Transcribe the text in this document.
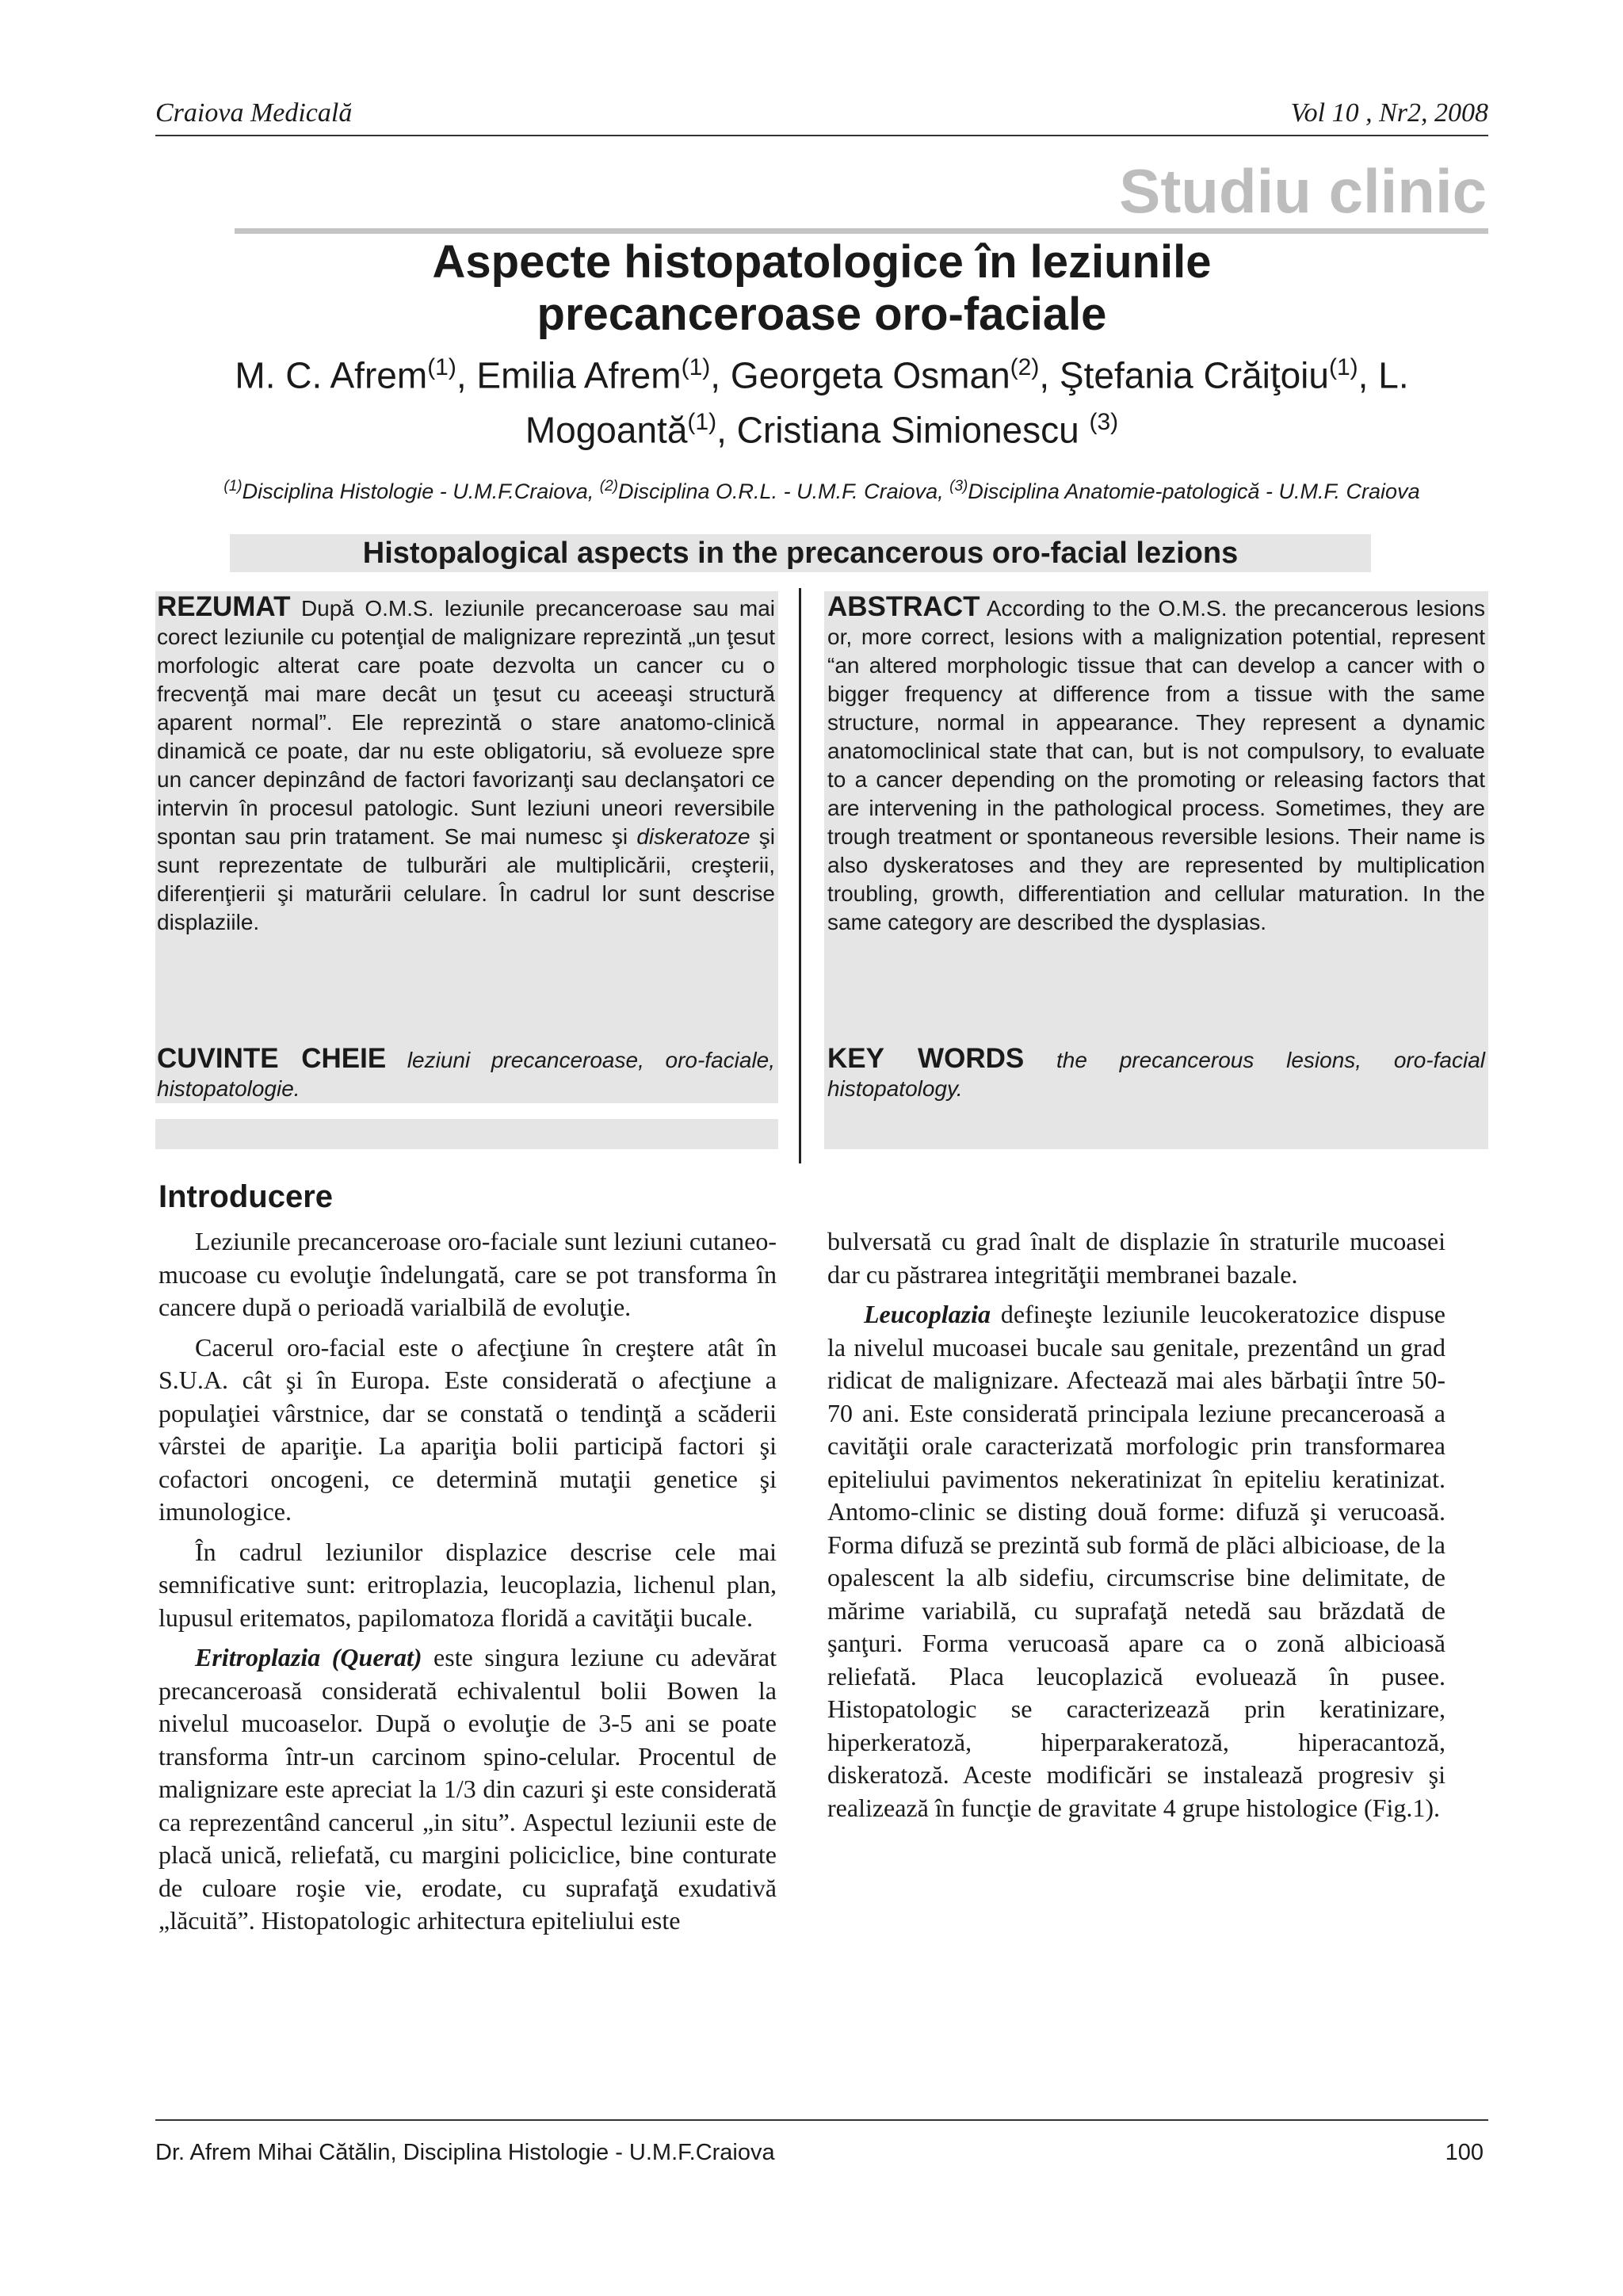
Craiova Medicală	Vol 10 , Nr2, 2008
Studiu clinic
Aspecte histopatologice în leziunile
precanceroase oro-faciale
M. C. Afrem$^{(1)}$, Emilia Afrem$^{(1)}$, Georgeta Osman$^{(2)}$, Ştefania Crăiţoiu$^{(1)}$, L. Mogoantă$^{(1)}$, Cristiana Simionescu $^{(3)}$
$^{(1)}$Disciplina Histologie - U.M.F.Craiova, $^{(2)}$Disciplina O.R.L. - U.M.F. Craiova, $^{(3)}$Disciplina Anatomie-patologică - U.M.F. Craiova
Histopalogical aspects in the precancerous oro-facial lezions
REZUMAT După O.M.S. leziunile precanceroase sau mai corect leziunile cu potenţial de malignizare reprezintă „un ţesut morfologic alterat care poate dezvolta un cancer cu o frecvenţă mai mare decât un ţesut cu aceeaşi structură aparent normal”. Ele reprezintă o stare anatomo-clinică dinamică ce poate, dar nu este obligatoriu, să evolueze spre un cancer depinzând de factori favorizanţi sau declanşatori ce intervin în procesul patologic. Sunt leziuni uneori reversibile spontan sau prin tratament. Se mai numesc şi diskeratoze şi sunt reprezentate de tulburări ale multiplicării, creşterii, diferenţierii şi maturării celulare. În cadrul lor sunt descrise displaziile.
ABSTRACT According to the O.M.S. the precancerous lesions or, more correct, lesions with a malignization potential, represent “an altered morphologic tissue that can develop a cancer with o bigger frequency at difference from a tissue with the same structure, normal in appearance. They represent a dynamic anatomoclinical state that can, but is not compulsory, to evaluate to a cancer depending on the promoting or releasing factors that are intervening in the pathological process. Sometimes, they are trough treatment or spontaneous reversible lesions. Their name is also dyskeratoses and they are represented by multiplication troubling, growth, differentiation and cellular maturation. In the same category are described the dysplasias.
CUVINTE CHEIE leziuni precanceroase, oro-faciale, histopatologie.
KEY WORDS the precancerous lesions, oro-facial histopatology.
Introducere

Leziunile precanceroase oro-faciale sunt leziuni cutaneo-mucoase cu evoluţie îndelungată, care se pot transforma în cancere după o perioadă varialbilă de evoluţie.

Cacerul oro-facial este o afecţiune în creştere atât în S.U.A. cât şi în Europa. Este considerată o afecţiune a populaţiei vârstnice, dar se constată o tendinţă a scăderii vârstei de apariţie. La apariţia bolii participă factori şi cofactori oncogeni, ce determină mutaţii genetice şi imunologice.

În cadrul leziunilor displazice descrise cele mai semnificative sunt: eritroplazia, leucoplazia, lichenul plan, lupusul eritematos, papilomatoza floridă a cavităţii bucale.

Eritroplazia (Querat) este singura leziune cu adevărat precanceroasă considerată echivalentul bolii Bowen la nivelul mucoaselor. După o evoluţie de 3-5 ani se poate transforma într-un carcinom spino-celular. Procentul de malignizare este apreciat la 1/3 din cazuri şi este considerată ca reprezentând cancerul „in situ”. Aspectul leziunii este de placă unică, reliefată, cu margini policiclice, bine conturate de culoare roşie vie, erodate, cu suprafaţă exudativă „lăcuită”. Histopatologic arhitectura epiteliului este

bulversată cu grad înalt de displazie în straturile mucoasei dar cu păstrarea integrităţii membranei bazale.

Leucoplazia defineşte leziunile leucokeratozice dispuse la nivelul mucoasei bucale sau genitale, prezentând un grad ridicat de malignizare. Afectează mai ales bărbaţii între 50-70 ani. Este considerată principala leziune precanceroasă a cavităţii orale caracterizată morfologic prin transformarea epiteliului pavimentos nekeratinizat în epiteliu keratinizat. Antomo-clinic se disting două forme: difuză şi verucoasă. Forma difuză se prezintă sub formă de plăci albicioase, de la opalescent la alb sidefiu, circumscrise bine delimitate, de mărime variabilă, cu suprafaţă netedă sau brăzdată de şanţuri. Forma verucoasă apare ca o zonă albicioasă reliefată. Placa leucoplazică evoluează în pusee. Histopatologic se caracterizează prin keratinizare, hiperkeratoză, hiperparakeratoză, hiperacantoză, diskeratoză. Aceste modificări se instalează progresiv şi realizează în funcţie de gravitate 4 grupe histologice (Fig.1).

Dr. Afrem Mihai Cătălin, Disciplina Histologie - U.M.F.Craiova	100
